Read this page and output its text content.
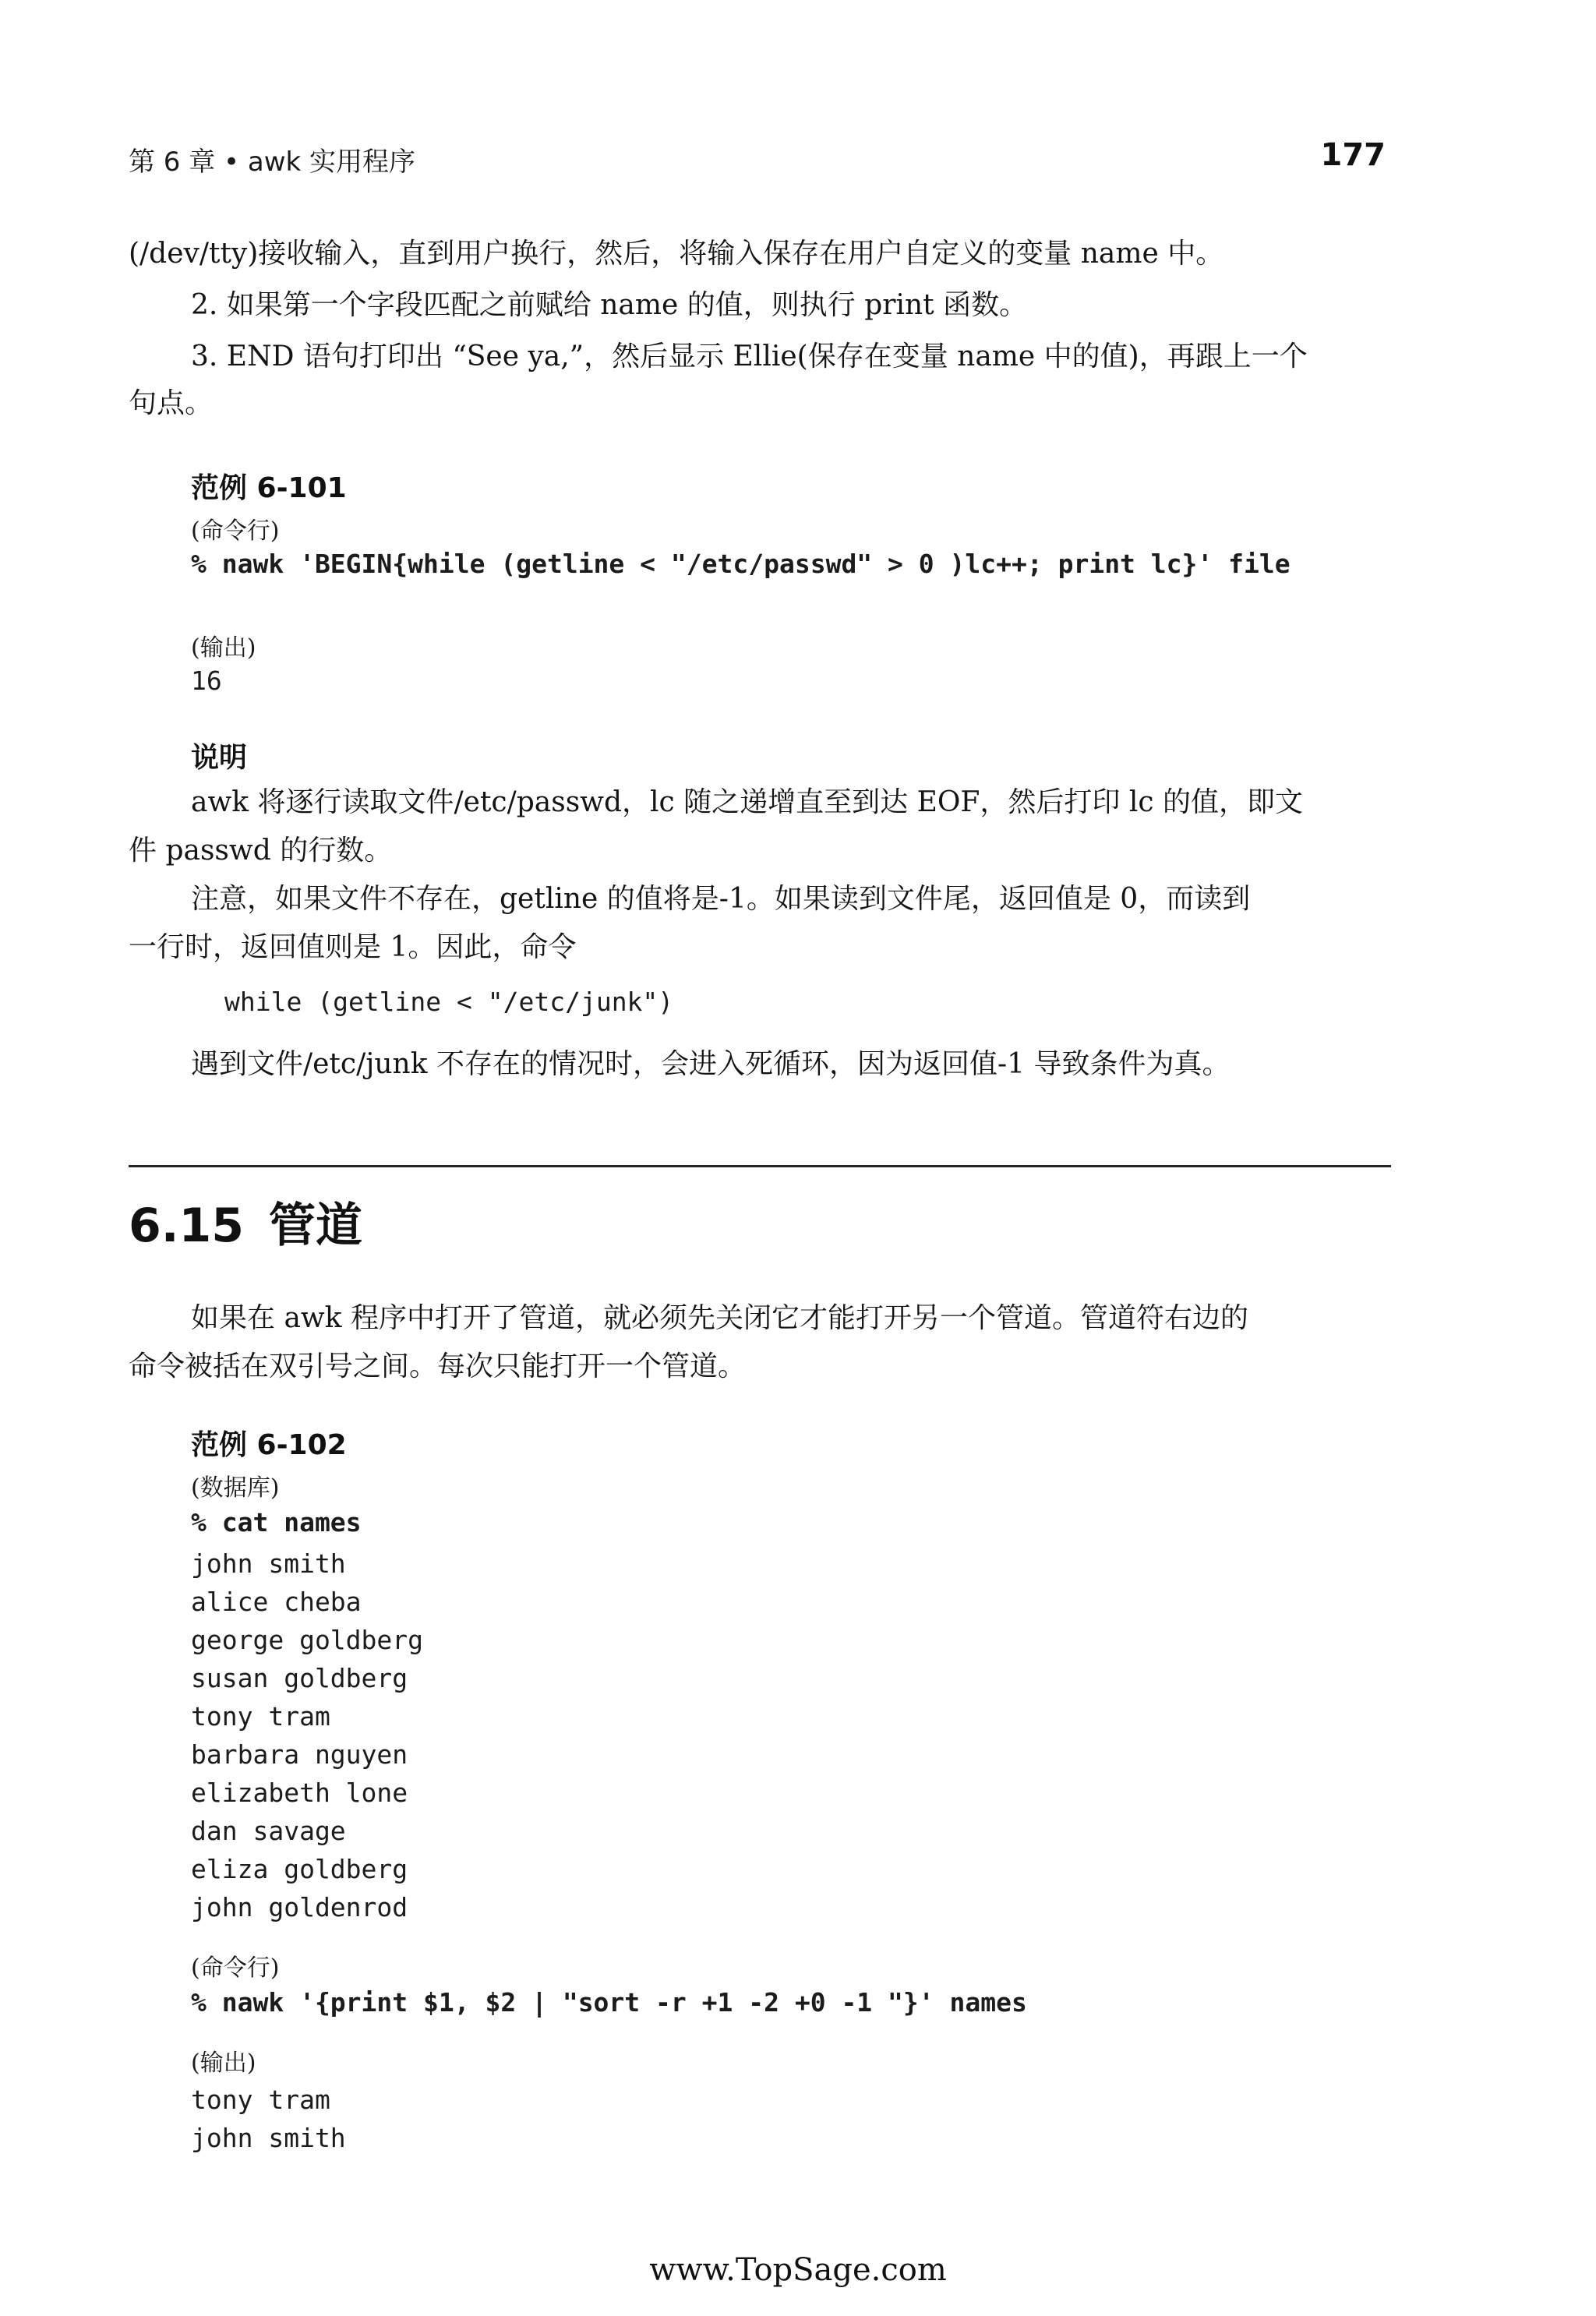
第 6 章 • awk 实用程序	177
(/dev/tty)接收输入，直到用户换行，然后，将输入保存在用户自定义的变量 name 中。
2. 如果第一个字段匹配之前赋给 name 的值，则执行 print 函数。
3. END 语句打印出 “See ya,”，然后显示 Ellie(保存在变量 name 中的值)，再跟上一个
句点。
范例 6-101
(命令行)
% nawk 'BEGIN{while (getline < "/etc/passwd" > 0 )lc++; print lc}' file
(输出)
16
说明
awk 将逐行读取文件/etc/passwd，lc 随之递增直至到达 EOF，然后打印 lc 的值，即文
件 passwd 的行数。
注意，如果文件不存在，getline 的值将是-1。如果读到文件尾，返回值是 0，而读到
一行时，返回值则是 1。因此，命令
while (getline < "/etc/junk")
遇到文件/etc/junk 不存在的情况时，会进入死循环，因为返回值-1 导致条件为真。
6.15 管道
如果在 awk 程序中打开了管道，就必须先关闭它才能打开另一个管道。管道符右边的
命令被括在双引号之间。每次只能打开一个管道。
范例 6-102
(数据库)
% cat names
john smith
alice cheba
george goldberg
susan goldberg
tony tram
barbara nguyen
elizabeth lone
dan savage
eliza goldberg
john goldenrod
(命令行)
% nawk '{print $1, $2 | "sort -r +1 -2 +0 -1 "}' names
(输出)
tony tram
john smith
www.TopSage.com
